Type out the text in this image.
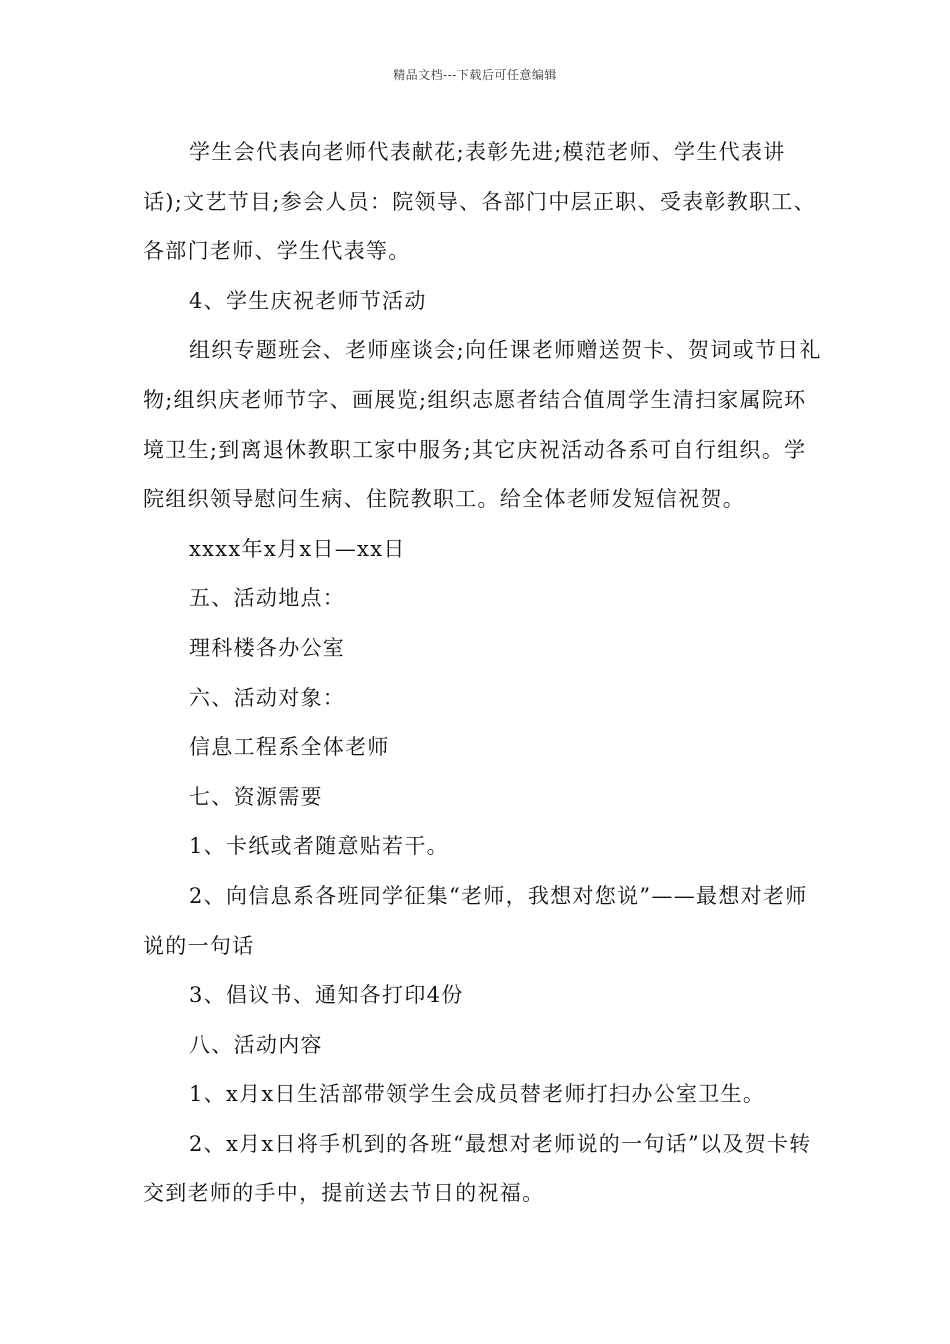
精品文档---下载后可任意编辑

学生会代表向老师代表献花;表彰先进;模范老师、学生代表讲话);文艺节目;参会人员：院领导、各部门中层正职、受表彰教职工、各部门老师、学生代表等。

4、学生庆祝老师节活动

组织专题班会、老师座谈会;向任课老师赠送贺卡、贺词或节日礼物;组织庆老师节字、画展览;组织志愿者结合值周学生清扫家属院环境卫生;到离退休教职工家中服务;其它庆祝活动各系可自行组织。学院组织领导慰问生病、住院教职工。给全体老师发短信祝贺。

xxxx年x月x日—xx日

五、活动地点：

理科楼各办公室

六、活动对象：

信息工程系全体老师

七、资源需要

1、卡纸或者随意贴若干。

2、向信息系各班同学征集“老师，我想对您说”——最想对老师说的一句话

3、倡议书、通知各打印4份

八、活动内容

1、x月x日生活部带领学生会成员替老师打扫办公室卫生。

2、x月x日将手机到的各班“最想对老师说的一句话”以及贺卡转交到老师的手中，提前送去节日的祝福。
